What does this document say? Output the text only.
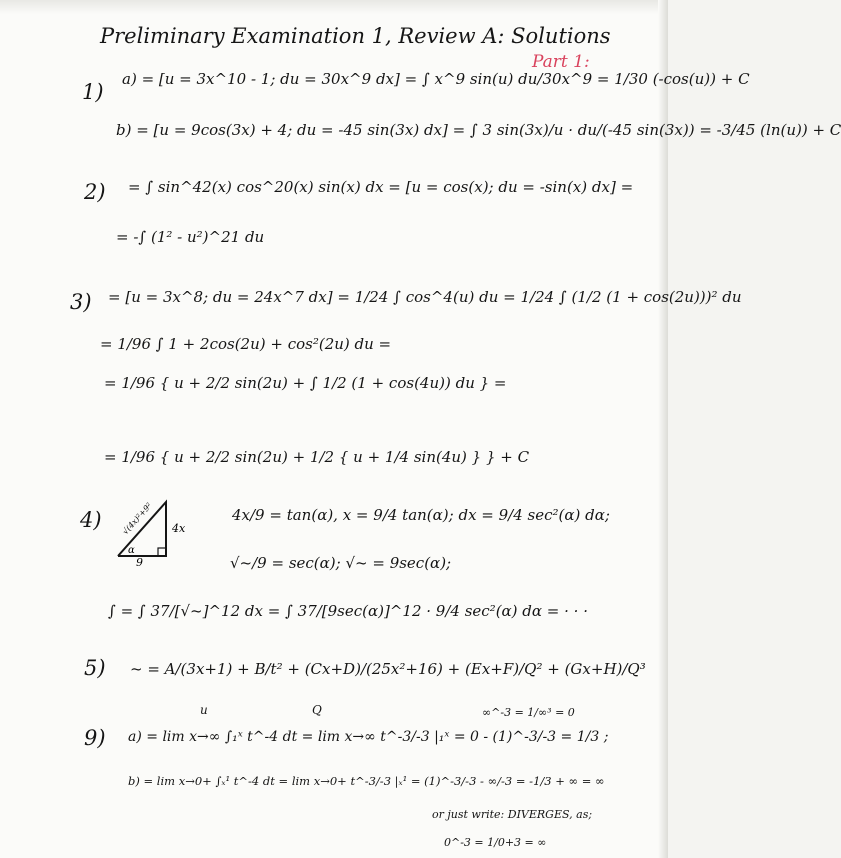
Preliminary Examination 1, Review A: Solutions
Part 1:
1)
a) = [u = 3x^10 - 1; du = 30x^9 dx] = ∫ x^9 sin(u) du/30x^9 = 1/30 (-cos(u)) + C
b) = [u = 9cos(3x) + 4; du = -45 sin(3x) dx] = ∫ 3 sin(3x)/u · du/(-45 sin(3x)) = -3/45 (ln(u)) + C
2) = ∫ sin^42(x) cos^20(x) sin(x) dx = [u = cos(x); du = -sin(x) dx] =
= -∫ (1² - u²)^21 du
3) = [u = 3x^8; du = 24x^7 dx] = 1/24 ∫ cos^4(u) du = 1/24 ∫ (1/2 (1 + cos(2u)))² du
= 1/96 ∫ 1 + 2cos(2u) + cos²(2u) du =
= 1/96 { u + 2/2 sin(2u) + ∫ 1/2 (1 + cos(4u)) du } =
= 1/96 { u + 2/2 sin(2u) + 1/2 { u + 1/4 sin(4u) } } + C
4) √(4x)²+9²
α
4x
9
4x/9 = tan(α), x = 9/4 tan(α); dx = 9/4 sec²(α) dα;
√~/9 = sec(α); √~ = 9sec(α);
∫ = ∫ 37/[√~]^12 dx = ∫ 37/[9sec(α)]^12 · 9/4 sec²(α) dα = · · ·
5) ~ = A/(3x+1) + B/t² + (Cx+D)/(25x²+16) + (Ex+F)/Q² + (Gx+H)/Q³
u	Q
9) a) = lim x→∞ ∫₁ˣ t^-4 dt = lim x→∞ t^-3/-3 |₁ˣ = 0 - (1)^-3/-3 = 1/3 ;
b) = lim x→0+ ∫ₓ¹ t^-4 dt = lim x→0+ t^-3/-3 |ₓ¹ = (1)^-3/-3 - ∞/-3 = -1/3 + ∞ = ∞
∞^-3 = 1/∞³ = 0
or just write: DIVERGES, as;
0^-3 = 1/0+3 = ∞
